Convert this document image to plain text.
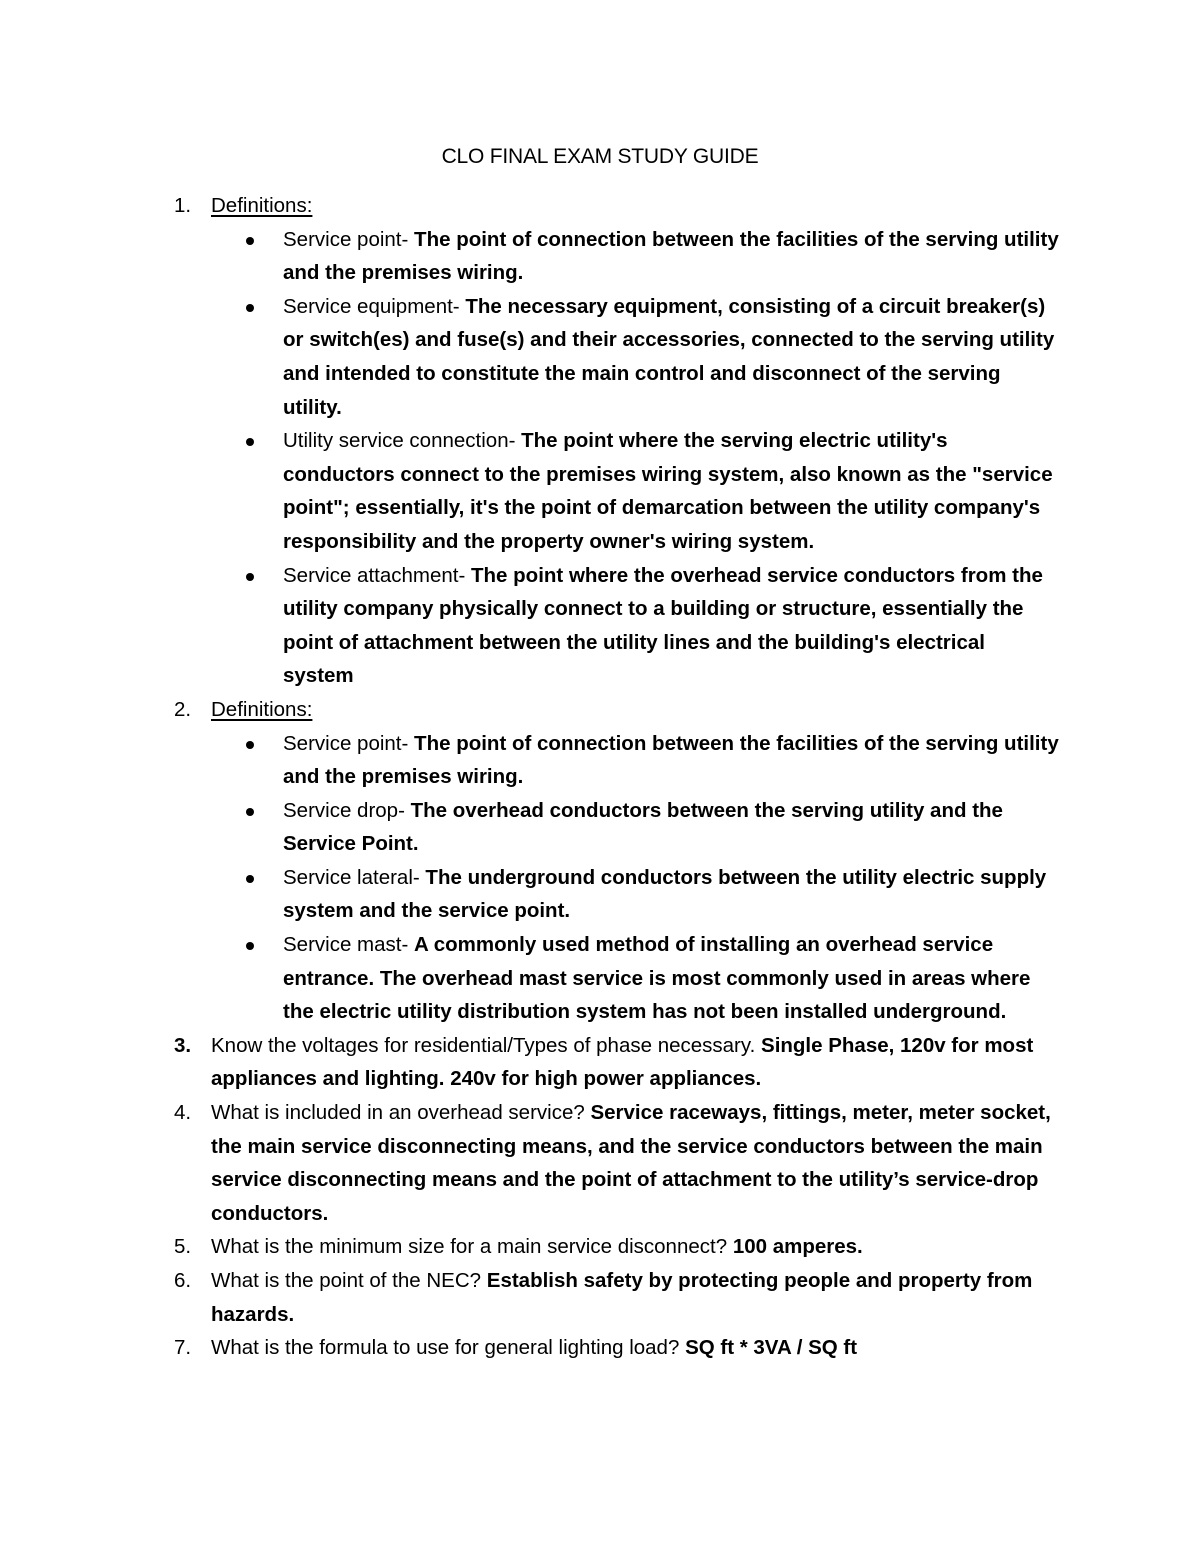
CLO FINAL EXAM STUDY GUIDE
1. Definitions:
Service point- The point of connection between the facilities of the serving utility and the premises wiring.
Service equipment- The necessary equipment, consisting of a circuit breaker(s) or switch(es) and fuse(s) and their accessories, connected to the serving utility and intended to constitute the main control and disconnect of the serving utility.
Utility service connection- The point where the serving electric utility's conductors connect to the premises wiring system, also known as the "service point"; essentially, it's the point of demarcation between the utility company's responsibility and the property owner's wiring system.
Service attachment- The point where the overhead service conductors from the utility company physically connect to a building or structure, essentially the point of attachment between the utility lines and the building's electrical system
2. Definitions:
Service point- The point of connection between the facilities of the serving utility and the premises wiring.
Service drop- The overhead conductors between the serving utility and the Service Point.
Service lateral- The underground conductors between the utility electric supply system and the service point.
Service mast- A commonly used method of installing an overhead service entrance. The overhead mast service is most commonly used in areas where the electric utility distribution system has not been installed underground.
3. Know the voltages for residential/Types of phase necessary. Single Phase, 120v for most appliances and lighting. 240v for high power appliances.
4. What is included in an overhead service? Service raceways, fittings, meter, meter socket, the main service disconnecting means, and the service conductors between the main service disconnecting means and the point of attachment to the utility’s service-drop conductors.
5. What is the minimum size for a main service disconnect? 100 amperes.
6. What is the point of the NEC? Establish safety by protecting people and property from hazards.
7. What is the formula to use for general lighting load? SQ ft * 3VA / SQ ft
